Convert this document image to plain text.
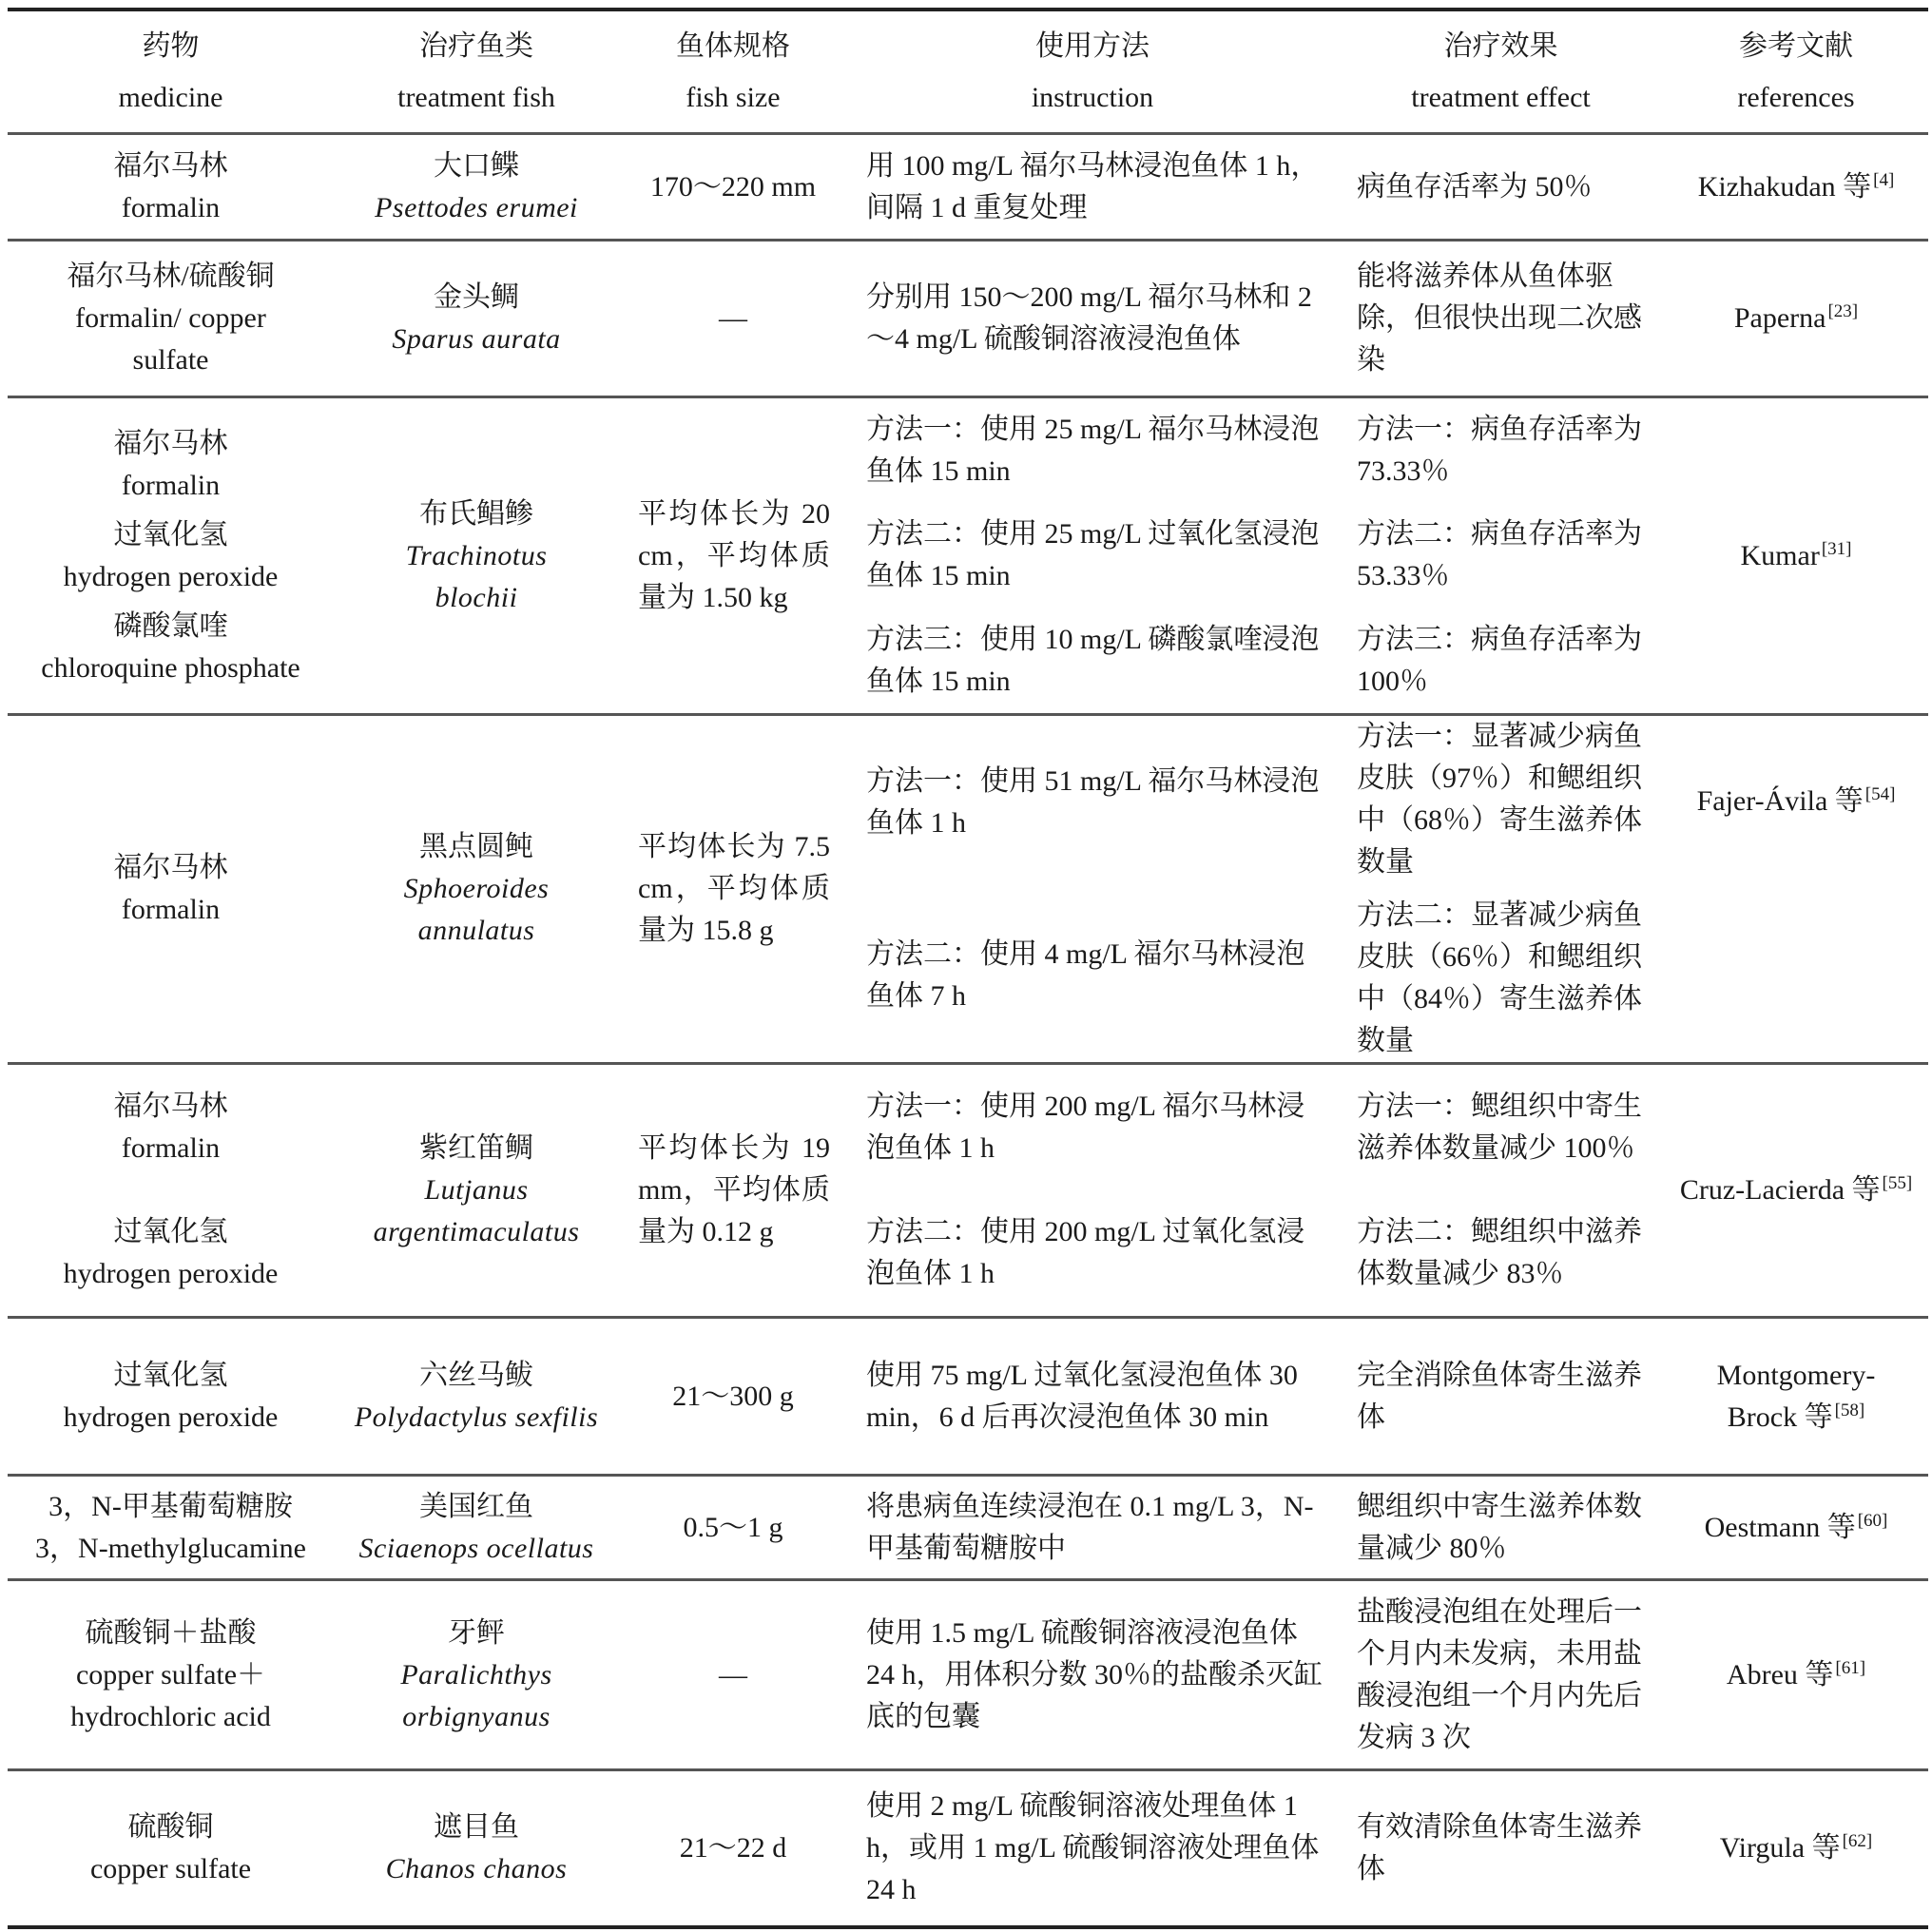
药物
medicine
治疗鱼类
treatment fish
鱼体规格
fish size
使用方法
instruction
治疗效果
treatment effect
参考文献
references
福尔马林
formalin
大口鲽
Psettodes erumei
170～220 mm
用 100 mg/L 福尔马林浸泡鱼体 1 h，间隔 1 d 重复处理
病鱼存活率为 50％	Kizhakudan 等 [4]
福尔马林/硫酸铜
formalin/ copper sulfate
金头鲷
Sparus aurata
—
分别用 150～200 mg/L 福尔马林和 2～4 mg/L 硫酸铜溶液浸泡鱼体
能将滋养体从鱼体驱除，但很快出现二次感染
Paperna [23]
福尔马林
formalin
过氧化氢
hydrogen peroxide
磷酸氯喹
chloroquine phosphate
布氏鲳鲹
Trachinotus blochii
平均体长为 20 cm，平均体质量为 1.50 kg
方法一：使用 25 mg/L 福尔马林浸泡鱼体 15 min
方法二：使用 25 mg/L 过氧化氢浸泡鱼体 15 min
方法三：使用 10 mg/L 磷酸氯喹浸泡鱼体 15 min
方法一：病鱼存活率为 73.33％
方法二：病鱼存活率为 53.33％
方法三：病鱼存活率为 100％
Kumar [31]
福尔马林
formalin
黑点圆鲀
Sphoeroides annulatus
平均体长为 7.5 cm，平均体质量为 15.8 g
方法一：使用 51 mg/L 福尔马林浸泡鱼体 1 h
方法二：使用 4 mg/L 福尔马林浸泡鱼体 7 h
方法一：显著减少病鱼皮肤（97％）和鳃组织中（68％）寄生滋养体数量
方法二：显著减少病鱼皮肤（66％）和鳃组织中（84％）寄生滋养体数量
Fajer-Ávila 等 [54]
福尔马林
formalin
过氧化氢
hydrogen peroxide
紫红笛鲷
Lutjanus argentimaculatus
平均体长为 19 mm，平均体质量为 0.12 g
方法一：使用 200 mg/L 福尔马林浸泡鱼体 1 h
方法二：使用 200 mg/L 过氧化氢浸泡鱼体 1 h
方法一：鳃组织中寄生滋养体数量减少 100％
方法二：鳃组织中滋养体数量减少 83％
Cruz-Lacierda 等 [55]
过氧化氢
hydrogen peroxide
六丝马鲅
Polydactylus sexfilis
21～300 g
使用 75 mg/L 过氧化氢浸泡鱼体 30 min，6 d 后再次浸泡鱼体 30 min
完全消除鱼体寄生滋养体
Montgomery-Brock 等 [58]
3，N-甲基葡萄糖胺
3，N-methylglucamine
美国红鱼
Sciaenops ocellatus
0.5～1 g
将患病鱼连续浸泡在 0.1 mg/L 3，N-甲基葡萄糖胺中
鳃组织中寄生滋养体数量减少 80％
Oestmann 等 [60]
硫酸铜＋盐酸
copper sulfate＋ hydrochloric acid
牙鲆
Paralichthys orbignyanus
—
使用 1.5 mg/L 硫酸铜溶液浸泡鱼体 24 h，用体积分数 30％的盐酸杀灭缸底的包囊
盐酸浸泡组在处理后一个月内未发病，未用盐酸浸泡组一个月内先后发病 3 次
Abreu 等 [61]
硫酸铜
copper sulfate
遮目鱼
Chanos chanos
21～22 d
使用 2 mg/L 硫酸铜溶液处理鱼体 1 h，或用 1 mg/L 硫酸铜溶液处理鱼体 24 h
有效清除鱼体寄生滋养体
Virgula 等 [62]
